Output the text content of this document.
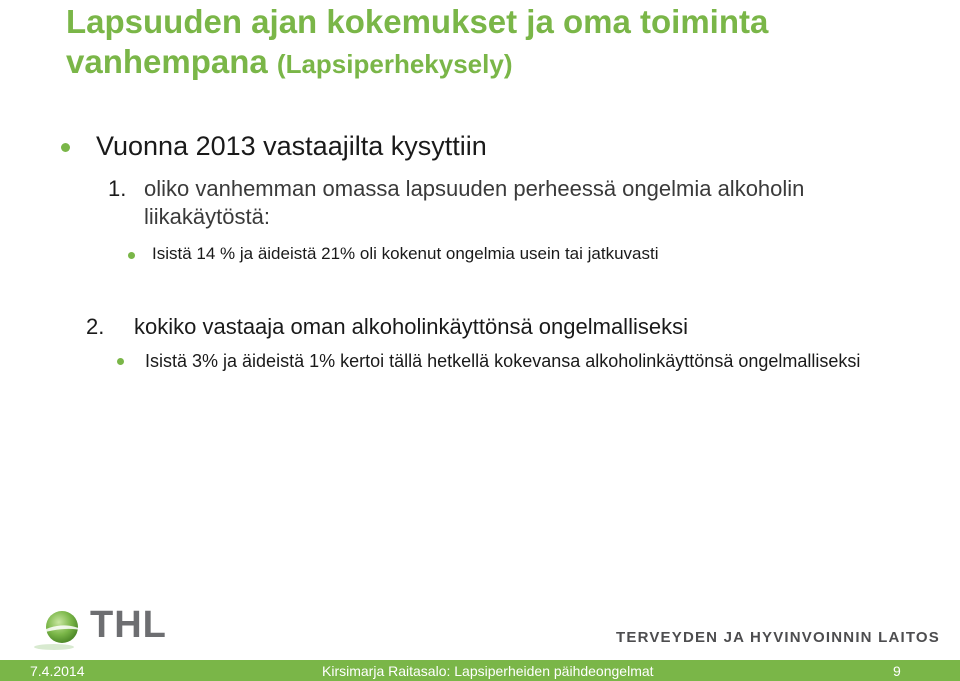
Lapsuuden ajan kokemukset ja oma toiminta
vanhempana (Lapsiperhekysely)
Vuonna 2013 vastaajilta kysyttiin
1. oliko vanhemman omassa lapsuuden perheessä ongelmia alkoholin liikakäytöstä:
Isistä 14 % ja äideistä 21% oli kokenut ongelmia usein tai jatkuvasti
2. kokiko vastaaja oman alkoholinkäyttönsä ongelmalliseksi
Isistä 3% ja äideistä 1% kertoi tällä hetkellä kokevansa alkoholinkäyttönsä ongelmalliseksi
THL	TERVEYDEN JA HYVINVOINNIN LAITOS
7.4.2014	Kirsimarja Raitasalo: Lapsiperheiden päihdeongelmat	9
